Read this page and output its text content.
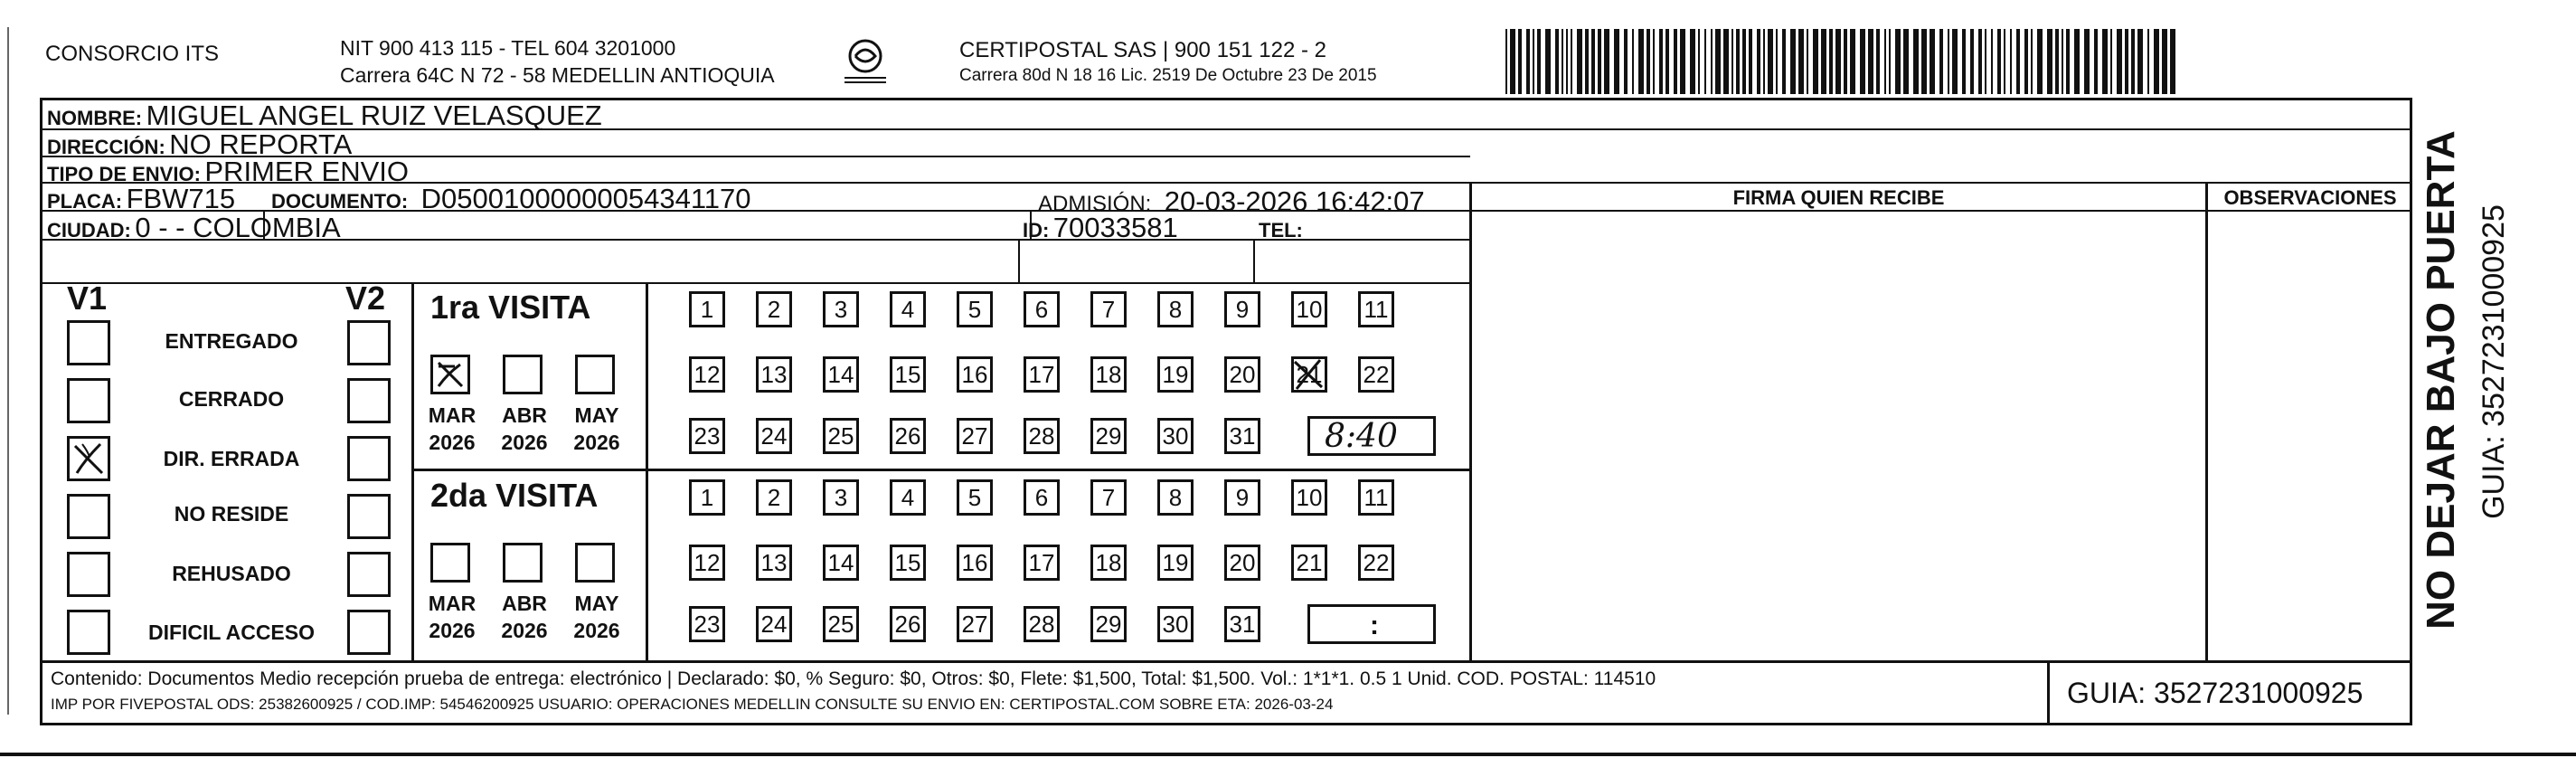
CONSORCIO ITS	NIT 900 413 115 - TEL 604 3201000
Carrera 64C N 72 - 58 MEDELLIN ANTIOQUIA
CERTIPOSTAL SAS | 900 151 122 - 2
Carrera 80d N 18 16 Lic. 2519 De Octubre 23 De 2015
NOMBRE: MIGUEL ANGEL RUIZ VELASQUEZ
DIRECCIÓN: NO REPORTA
TIPO DE ENVIO: PRIMER ENVIO
PLACA: FBW715 DOCUMENTO: D05001000000054341170	ADMISIÓN: 20-03-2026 16:42:07
CIUDAD: 0 - - COLOMBIA	ID: 70033581	TEL:
FIRMA QUIEN RECIBE	OBSERVACIONES
V1	V2
ENTREGADO
CERRADO
DIR. ERRADA
NO RESIDE
REHUSADO
DIFICIL ACCESO
1ra VISITA
MAR ABR MAY
2026 2026 2026	8:40
2da VISITA
MAR ABR MAY
2026 2026 2026	:	NO DEJAR BAJO PUERTA GUIA: 3527231000925
Contenido: Documentos Medio recepción prueba de entrega: electrónico | Declarado: $0, % Seguro: $0, Otros: $0, Flete: $1,500, Total: $1,500. Vol.: 1*1*1. 0.5 1 Unid. COD. POSTAL: 114510
IMP POR FIVEPOSTAL ODS: 25382600925 / COD.IMP: 54546200925 USUARIO: OPERACIONES MEDELLIN CONSULTE SU ENVIO EN: CERTIPOSTAL.COM SOBRE ETA: 2026-03-24	GUIA: 3527231000925
1	2	3	4	5	6	7	8	9	10 11
12 13 14 15 16 17 18 19 20 21 22
23 24 25 26 27 28 29 30 31
1	2	3	4	5	6	7	8	9	10 11
12 13 14 15 16 17 18 19 20 21 22
23 24 25 26 27 28 29 30 31
